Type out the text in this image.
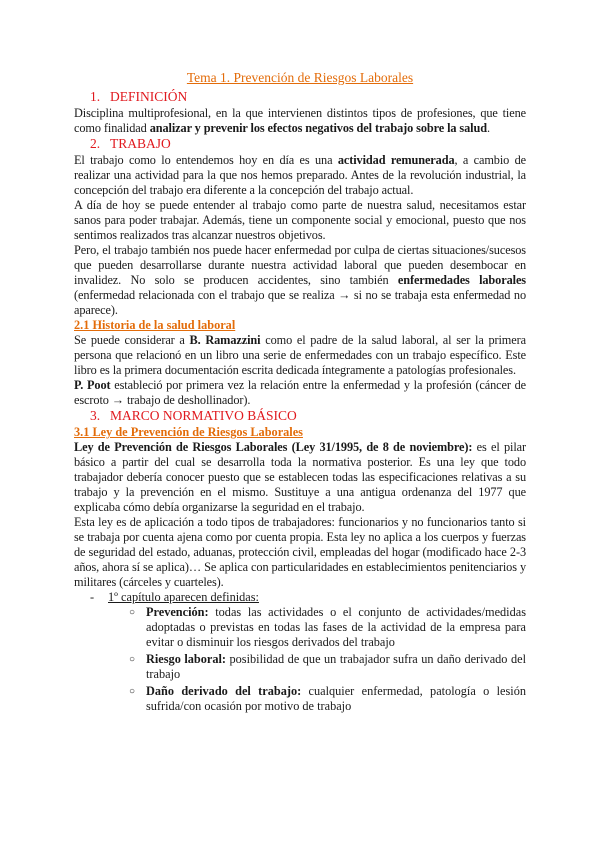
Tema 1. Prevención de Riesgos Laborales
1. DEFINICIÓN

Disciplina multiprofesional, en la que intervienen distintos tipos de profesiones, que tiene como finalidad analizar y prevenir los efectos negativos del trabajo sobre la salud.

2. TRABAJO

El trabajo como lo entendemos hoy en día es una actividad remunerada, a cambio de realizar una actividad para la que nos hemos preparado. Antes de la revolución industrial, la concepción del trabajo era diferente a la concepción del trabajo actual.

A día de hoy se puede entender al trabajo como parte de nuestra salud, necesitamos estar sanos para poder trabajar. Además, tiene un componente social y emocional, puesto que nos sentimos realizados tras alcanzar nuestros objetivos.

Pero, el trabajo también nos puede hacer enfermedad por culpa de ciertas situaciones/sucesos que pueden desarrollarse durante nuestra actividad laboral que pueden desembocar en invalidez. No solo se producen accidentes, sino también enfermedades laborales (enfermedad relacionada con el trabajo que se realiza → si no se trabaja esta enfermedad no aparece).

2.1 Historia de la salud laboral

Se puede considerar a B. Ramazzini como el padre de la salud laboral, al ser la primera persona que relacionó en un libro una serie de enfermedades con un trabajo específico. Este libro es la primera documentación escrita dedicada íntegramente a patologías profesionales.

P. Poot estableció por primera vez la relación entre la enfermedad y la profesión (cáncer de escroto → trabajo de deshollinador).

3. MARCO NORMATIVO BÁSICO
3.1 Ley de Prevención de Riesgos Laborales

Ley de Prevención de Riesgos Laborales (Ley 31/1995, de 8 de noviembre): es el pilar básico a partir del cual se desarrolla toda la normativa posterior. Es una ley que todo trabajador debería conocer puesto que se establecen todas las especificaciones relativas a su trabajo y la prevención en el mismo. Sustituye a una antigua ordenanza del 1977 que explicaba cómo debía organizarse la seguridad en el trabajo.

Esta ley es de aplicación a todo tipos de trabajadores: funcionarios y no funcionarios tanto si se trabaja por cuenta ajena como por cuenta propia. Esta ley no aplica a los cuerpos y fuerzas de seguridad del estado, aduanas, protección civil, empleadas del hogar (modificado hace 2-3 años, ahora sí se aplica)… Se aplica con particularidades en establecimientos penitenciarios y militares (cárceles y cuarteles).

-	1º capítulo aparecen definidas:
○ Prevención: todas las actividades o el conjunto de actividades/medidas adoptadas o previstas en todas las fases de la actividad de la empresa para evitar o disminuir los riesgos derivados del trabajo
○ Riesgo laboral: posibilidad de que un trabajador sufra un daño derivado del trabajo
○ Daño derivado del trabajo: cualquier enfermedad, patología o lesión sufrida/con ocasión por motivo de trabajo
